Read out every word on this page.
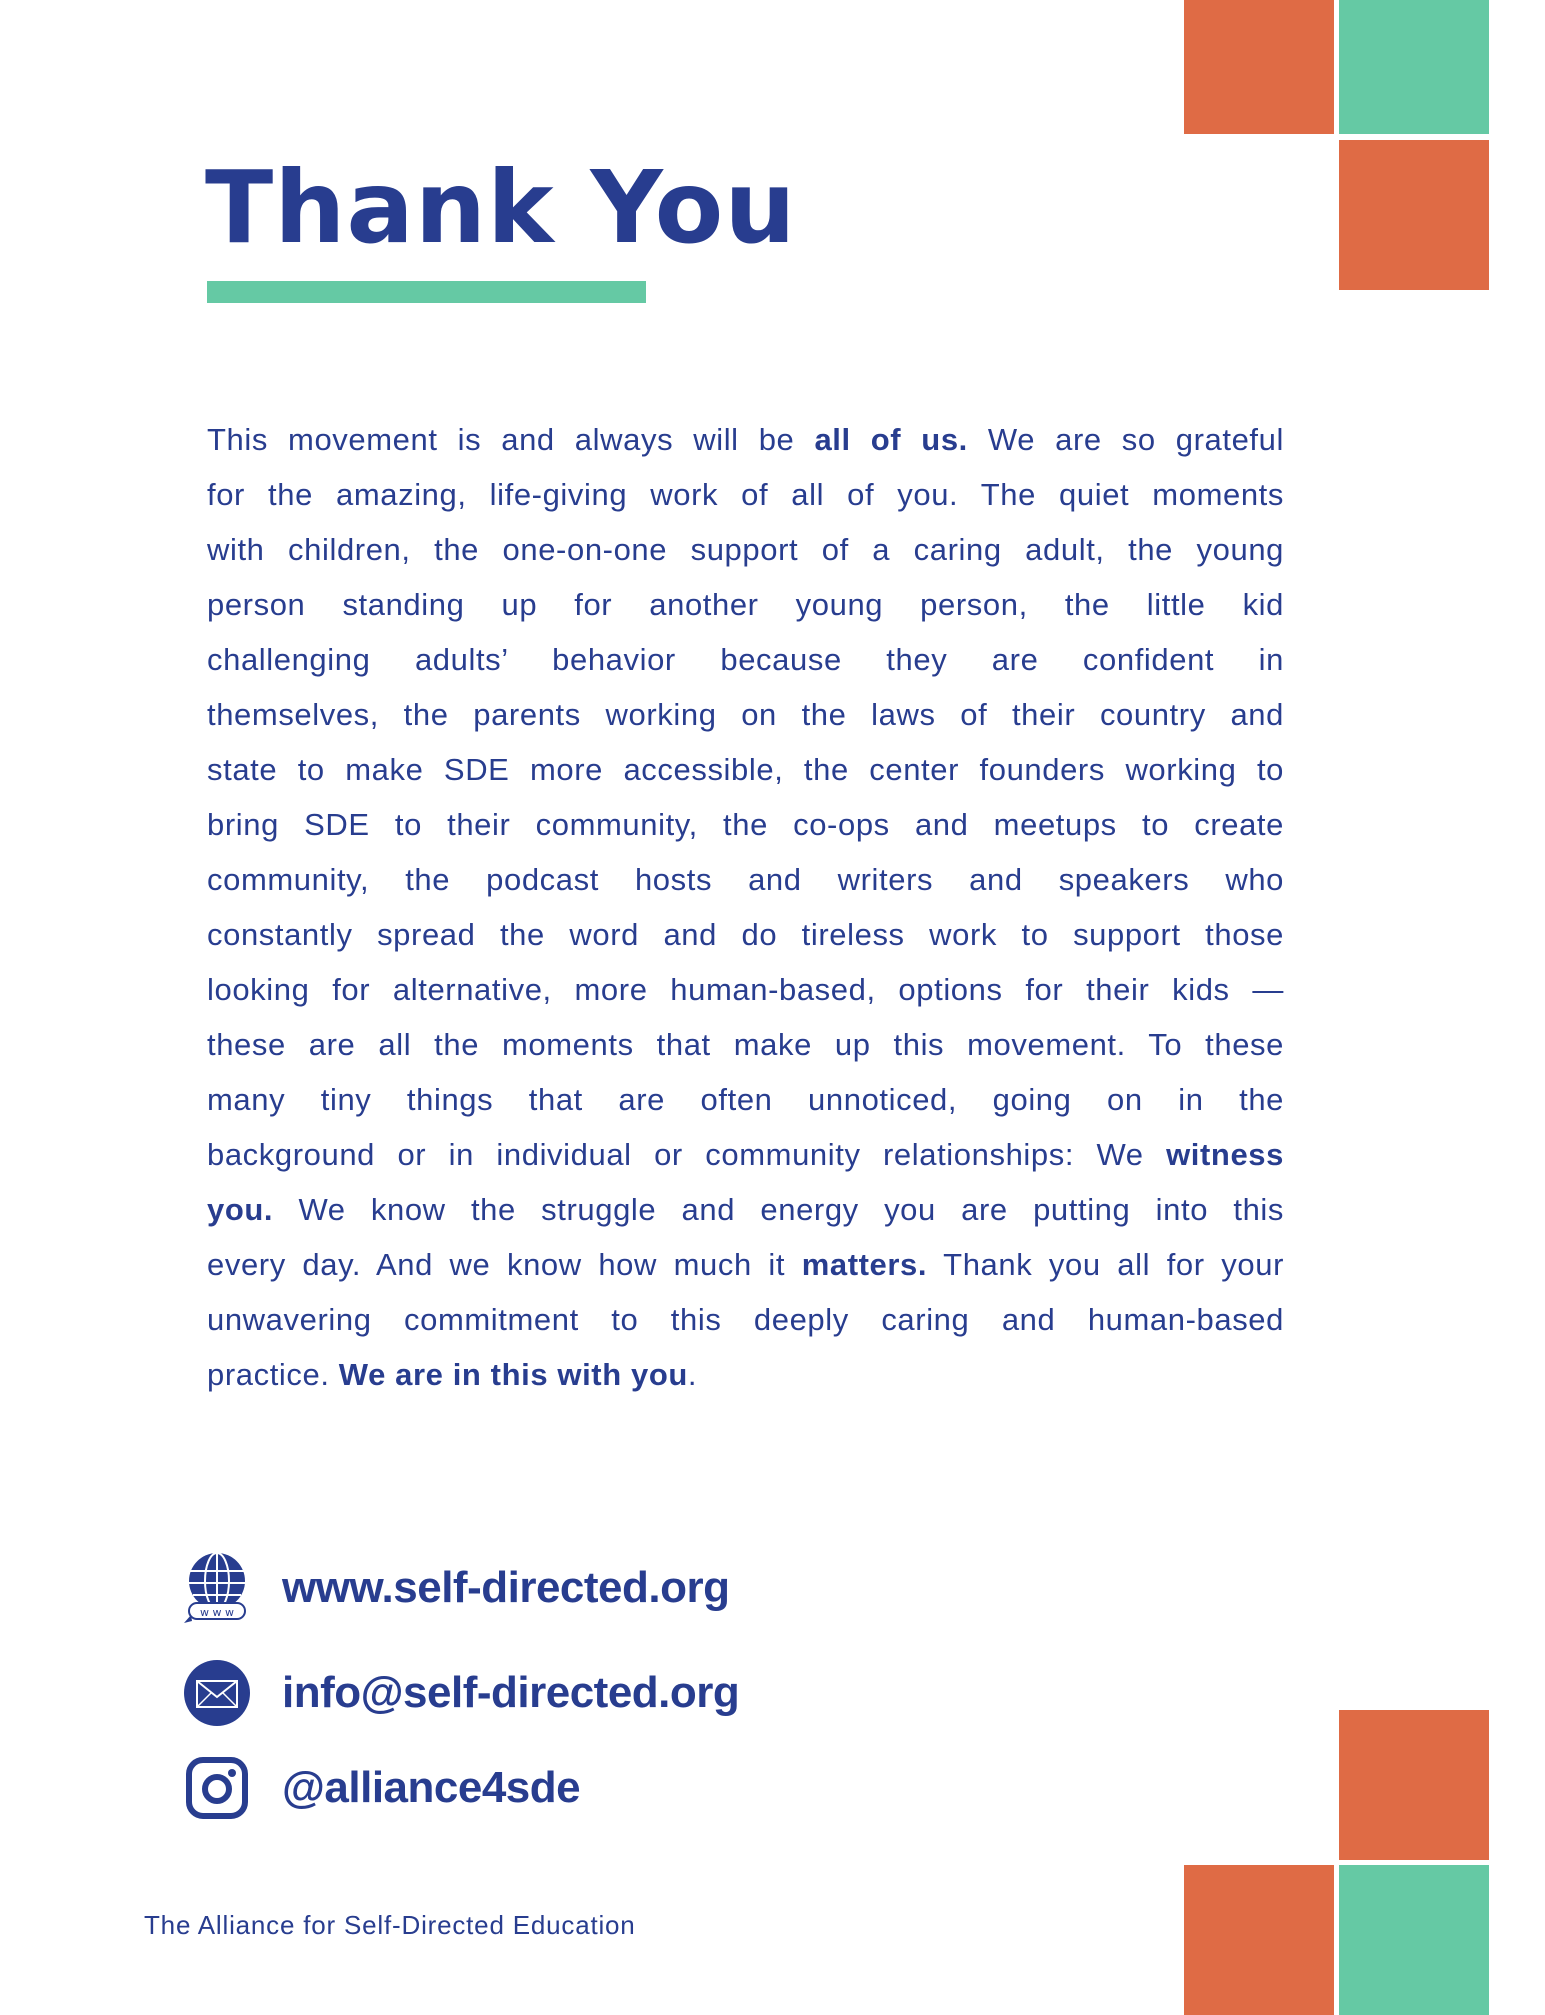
Thank You
This movement is and always will be all of us. We are so grateful
for the amazing, life-giving work of all of you. The quiet moments
with children, the one-on-one support of a caring adult, the young
person standing up for another young person, the little kid
challenging adults’ behavior because they are confident in
themselves, the parents working on the laws of their country and
state to make SDE more accessible, the center founders working to
bring SDE to their community, the co-ops and meetups to create
community, the podcast hosts and writers and speakers who
constantly spread the word and do tireless work to support those
looking for alternative, more human-based, options for their kids —
these are all the moments that make up this movement. To these
many tiny things that are often unnoticed, going on in the
background or in individual or community relationships: We witness
you. We know the struggle and energy you are putting into this
every day. And we know how much it matters. Thank you all for your
unwavering commitment to this deeply caring and human-based
practice. We are in this with you.
w w w
www.self-directed.org
info@self-directed.org
@alliance4sde
The Alliance for Self-Directed Education
